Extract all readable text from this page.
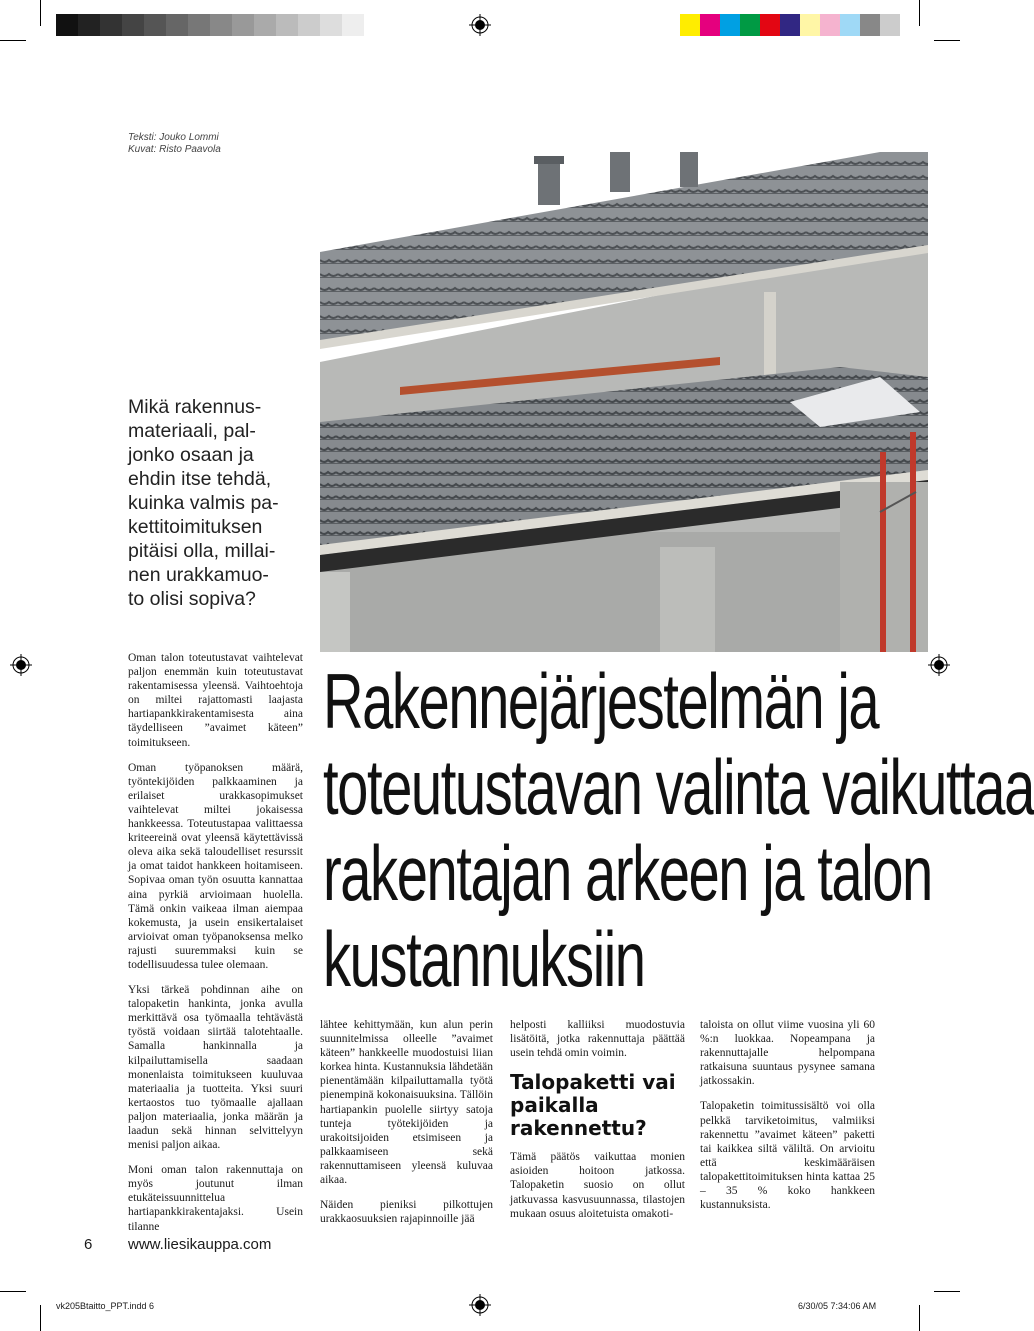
Teksti: Jouko Lommi
Kuvat: Risto Paavola
Mikä rakennus-
materiaali, pal-
jonko osaan ja
ehdin itse tehdä,
kuinka valmis pa-
kettitoimituksen
pitäisi olla, millai-
nen urakkamuo-
to olisi sopiva?
Rakennejärjestelmän ja
toteutustavan valinta vaikuttaa
rakentajan arkeen ja talon
kustannuksiin

Oman talon toteutustavat vaihtelevat paljon enemmän kuin toteutustavat rakentamisessa yleensä. Vaihtoehtoja on miltei rajattomasti laajasta hartiapankkirakentamisesta aina täydelliseen ”avaimet käteen” toimitukseen.

Oman työpanoksen määrä, työntekijöiden palkkaaminen ja erilaiset urakkasopimukset vaihtelevat miltei jokaisessa hankkeessa. Toteutustapaa valittaessa kriteereinä ovat yleensä käytettävissä oleva aika sekä taloudelliset resurssit ja omat taidot hankkeen hoitamiseen. Sopivaa oman työn osuutta kannattaa aina pyrkiä arvioimaan huolella. Tämä onkin vaikeaa ilman aiempaa kokemusta, ja usein ensikertalaiset arvioivat oman työpanoksensa melko rajusti suuremmaksi kuin se todellisuudessa tulee olemaan.

Yksi tärkeä pohdinnan aihe on talopaketin hankinta, jonka avulla merkittävä osa työmaalla tehtävästä työstä voidaan siirtää talotehtaalle. Samalla hankinnalla ja kilpailuttamisella saadaan monenlaista toimitukseen kuuluvaa materiaalia ja tuotteita. Yksi suuri kertaostos tuo työmaalle ajallaan paljon materiaalia, jonka määrän ja laadun sekä hinnan selvittelyyn menisi paljon aikaa.

Moni oman talon rakennuttaja on myös joutunut ilman etukäteissuunnittelua hartiapankkirakentajaksi. Usein tilanne

lähtee kehittymään, kun alun perin suunnitelmissa olleelle ”avaimet käteen” hankkeelle muodostuisi liian korkea hinta. Kustannuksia lähdetään pienentämään kilpailuttamalla työtä pienempinä kokonaisuuksina. Tällöin hartiapankin puolelle siirtyy satoja tunteja työtekijöiden ja urakoitsijoiden etsimiseen ja palkkaamiseen sekä rakennuttamiseen yleensä kuluvaa aikaa.

Näiden pieniksi pilkottujen urakkaosuuksien rajapinnoille jää

helposti kalliiksi muodostuvia lisätöitä, jotka rakennuttaja päättää usein tehdä omin voimin.

Talopaketti vai paikalla rakennettu?

Tämä päätös vaikuttaa monien asioiden hoitoon jatkossa. Talopaketin suosio on ollut jatkuvassa kasvusuunnassa, tilastojen mukaan osuus aloitetuista omakoti-

taloista on ollut viime vuosina yli 60 %:n luokkaa. Nopeampana ja rakennuttajalle helpompana ratkaisuna suuntaus pysynee samana jatkossakin.

Talopaketin toimitussisältö voi olla pelkkä tarviketoimitus, valmiiksi rakennettu ”avaimet käteen” paketti tai kaikkea siltä väliltä. On arvioitu että keskimääräisen talopakettitoimituksen hinta kattaa 25 – 35 % koko hankkeen kustannuksista.

6 www.liesikauppa.com
vk205Btaitto_PPT.indd 6	6/30/05 7:34:06 AM
